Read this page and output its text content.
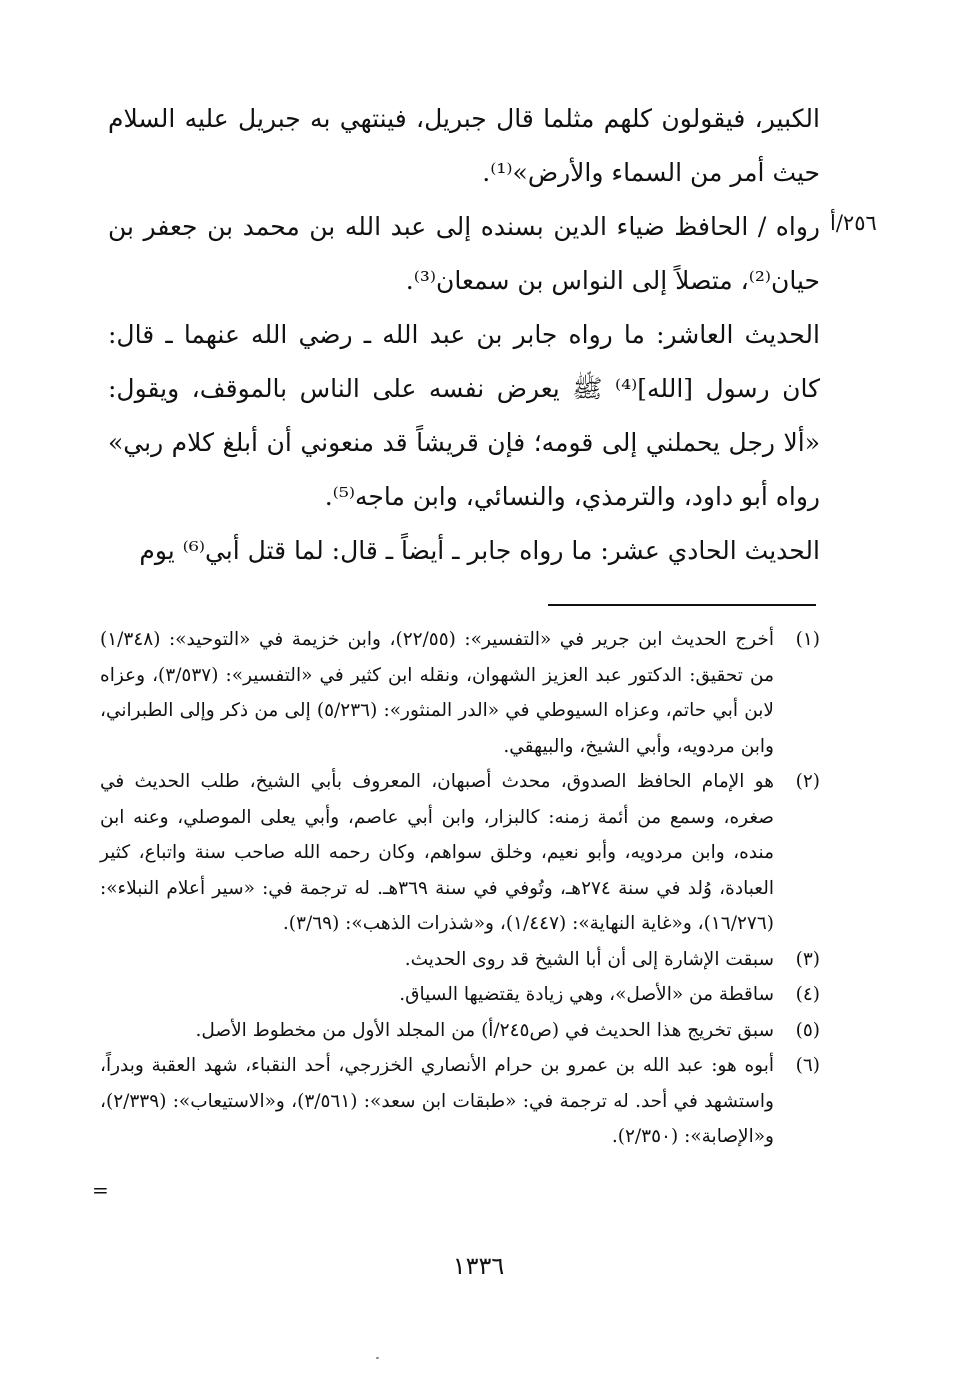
٢٥٦/أ

الكبير، فيقولون كلهم مثلما قال جبريل، فينتهي به جبريل عليه السلام حيث أمر من السماء والأرض»⁽¹⁾.

رواه / الحافظ ضياء الدين بسنده إلى عبد الله بن محمد بن جعفر بن حيان⁽²⁾، متصلاً إلى النواس بن سمعان⁽³⁾.

الحديث العاشر: ما رواه جابر بن عبد الله ـ رضي الله عنهما ـ قال: كان رسول [الله]⁽⁴⁾ ﷺ يعرض نفسه على الناس بالموقف، ويقول: «ألا رجل يحملني إلى قومه؛ فإن قريشاً قد منعوني أن أبلغ كلام ربي» رواه أبو داود، والترمذي، والنسائي، وابن ماجه⁽⁵⁾.

الحديث الحادي عشر: ما رواه جابر ـ أيضاً ـ قال: لما قتل أبي⁽⁶⁾ يوم

(١)
أخرج الحديث ابن جرير في «التفسير»: (٢٢/٥٥)، وابن خزيمة في «التوحيد»: (١/٣٤٨) من تحقيق: الدكتور عبد العزيز الشهوان، ونقله ابن كثير في «التفسير»: (٣/٥٣٧)، وعزاه لابن أبي حاتم، وعزاه السيوطي في «الدر المنثور»: (٥/٢٣٦) إلى من ذكر وإلى الطبراني، وابن مردويه، وأبي الشيخ، والبيهقي.
(٢)
هو الإمام الحافظ الصدوق، محدث أصبهان، المعروف بأبي الشيخ، طلب الحديث في صغره، وسمع من أئمة زمنه: كالبزار، وابن أبي عاصم، وأبي يعلى الموصلي، وعنه ابن منده، وابن مردويه، وأبو نعيم، وخلق سواهم، وكان رحمه الله صاحب سنة واتباع، كثير العبادة، وُلد في سنة ٢٧٤هـ، وتُوفي في سنة ٣٦٩هـ. له ترجمة في: «سير أعلام النبلاء»: (١٦/٢٧٦)، و«غاية النهاية»: (١/٤٤٧)، و«شذرات الذهب»: (٣/٦٩).
(٣)
سبقت الإشارة إلى أن أبا الشيخ قد روى الحديث.
(٤)
ساقطة من «الأصل»، وهي زيادة يقتضيها السياق.
(٥)
سبق تخريج هذا الحديث في (ص٢٤٥/أ) من المجلد الأول من مخطوط الأصل.
(٦)
أبوه هو: عبد الله بن عمرو بن حرام الأنصاري الخزرجي، أحد النقباء، شهد العقبة وبدراً، واستشهد في أحد. له ترجمة في: «طبقات ابن سعد»: (٣/٥٦١)، و«الاستيعاب»: (٢/٣٣٩)، و«الإصابة»: (٢/٣٥٠).
=
١٣٣٦
